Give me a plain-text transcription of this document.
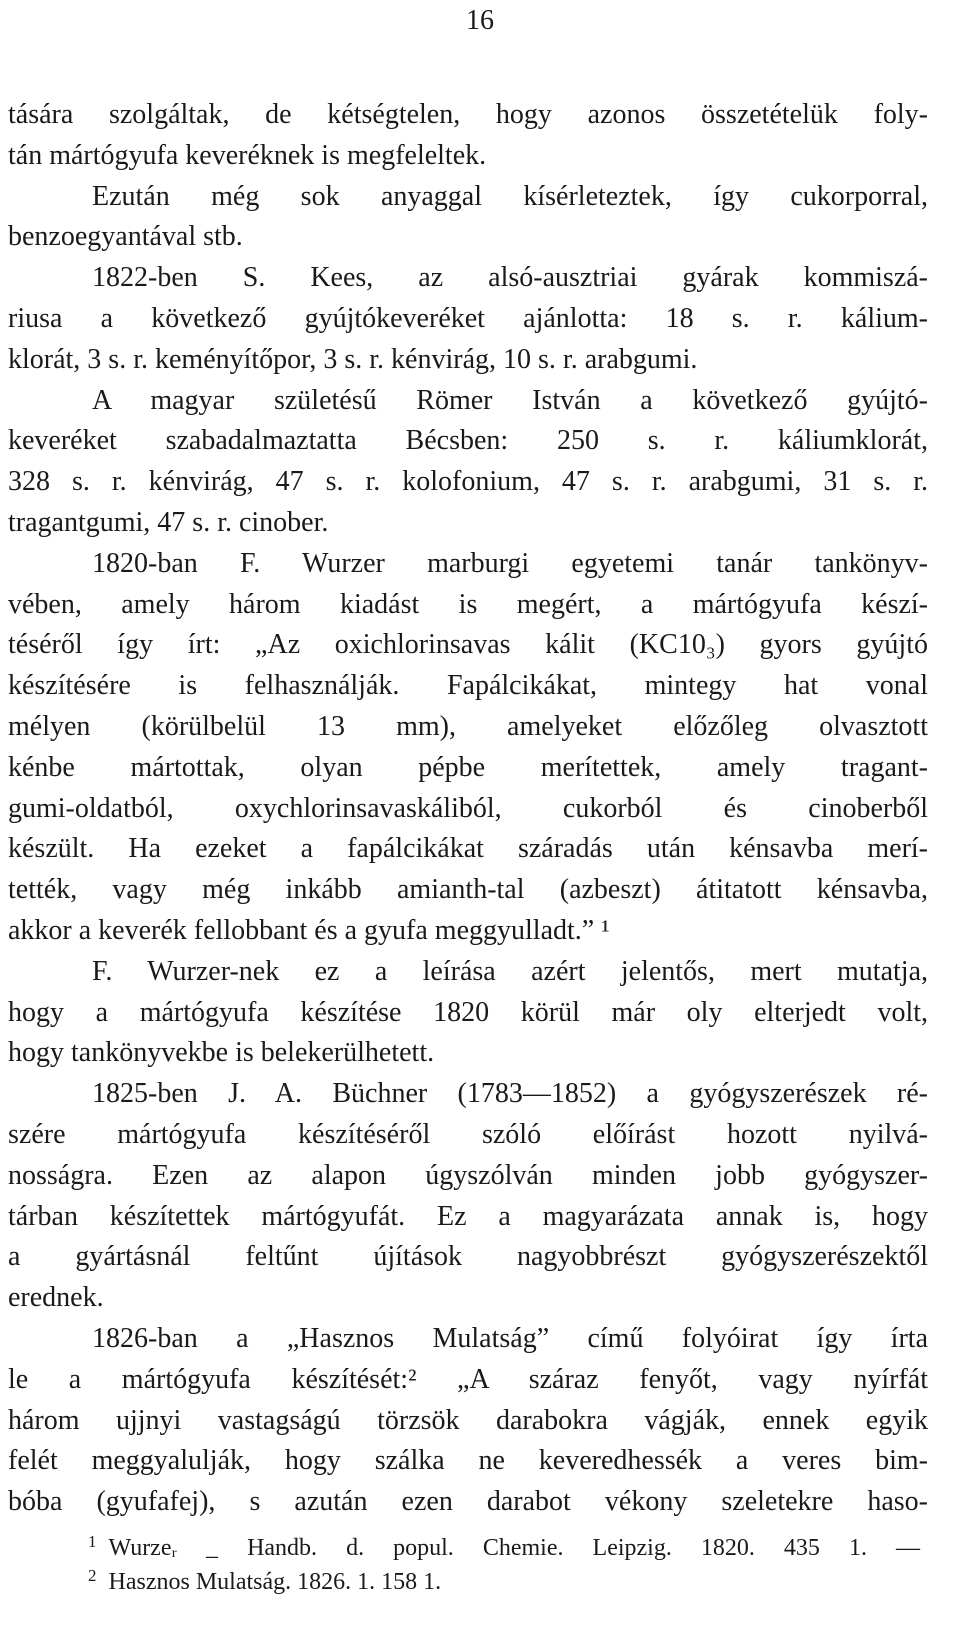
16
tására szolgáltak, de kétségtelen, hogy azonos összetételük foly-
tán mártógyufa keveréknek is megfeleltek.
Ezután még sok anyaggal kísérleteztek, így cukorporral,
benzoegyantával stb.
1822-ben S. Kees, az alsó-ausztriai gyárak kommiszá-
riusa a következő gyújtókeveréket ajánlotta: 18 s. r. kálium-
klorát, 3 s. r. keményítőpor, 3 s. r. kénvirág, 10 s. r. arabgumi.
A magyar születésű Römer István a következő gyújtó-
keveréket szabadalmaztatta Bécsben: 250 s. r. káliumklorát,
328 s. r. kénvirág, 47 s. r. kolofonium, 47 s. r. arabgumi, 31 s. r.
tragantgumi, 47 s. r. cinober.
1820-ban F. Wurzer marburgi egyetemi tanár tankönyv-
vében, amely három kiadást is megért, a mártógyufa készí-
téséről így írt: „Az oxichlorinsavas kálit (KC10₃) gyors gyújtó
készítésére is felhasználják. Fapálcikákat, mintegy hat vonal
mélyen (körülbelül 13 mm), amelyeket előzőleg olvasztott
kénbe mártottak, olyan pépbe merítettek, amely tragant-
gumi-oldatból, oxychlorinsavaskáliból, cukorból és cinoberből
készült. Ha ezeket a fapálcikákat száradás után kénsavba merí-
tették, vagy még inkább amianth-tal (azbeszt) átitatott kénsavba,
akkor a keverék fellobbant és a gyufa meggyulladt.” ¹
F. Wurzer-nek ez a leírása azért jelentős, mert mutatja,
hogy a mártógyufa készítése 1820 körül már oly elterjedt volt,
hogy tankönyvekbe is belekerülhetett.
1825-ben J. A. Büchner (1783—1852) a gyógyszerészek ré-
szére mártógyufa készítéséről szóló előírást hozott nyilvá-
nosságra. Ezen az alapon úgyszólván minden jobb gyógyszer-
tárban készítettek mártógyufát. Ez a magyarázata annak is, hogy
a gyártásnál feltűnt újítások nagyobbrészt gyógyszerészektől
erednek.
1826-ban a „Hasznos Mulatság” című folyóirat így írta
le a mártógyufa készítését:² „A száraz fenyőt, vagy nyírfát
három ujjnyi vastagságú törzsök darabokra vágják, ennek egyik
felét meggyalulják, hogy szálka ne keveredhessék a veres bim-
bóba (gyufafej), s azután ezen darabot vékony szeletekre haso-
$^1$ Wurzeᵣ _ Handb. d. popul. Chemie. Leipzig. 1820. 435 1. —
$^2$ Hasznos Mulatság. 1826. 1. 158 1.
